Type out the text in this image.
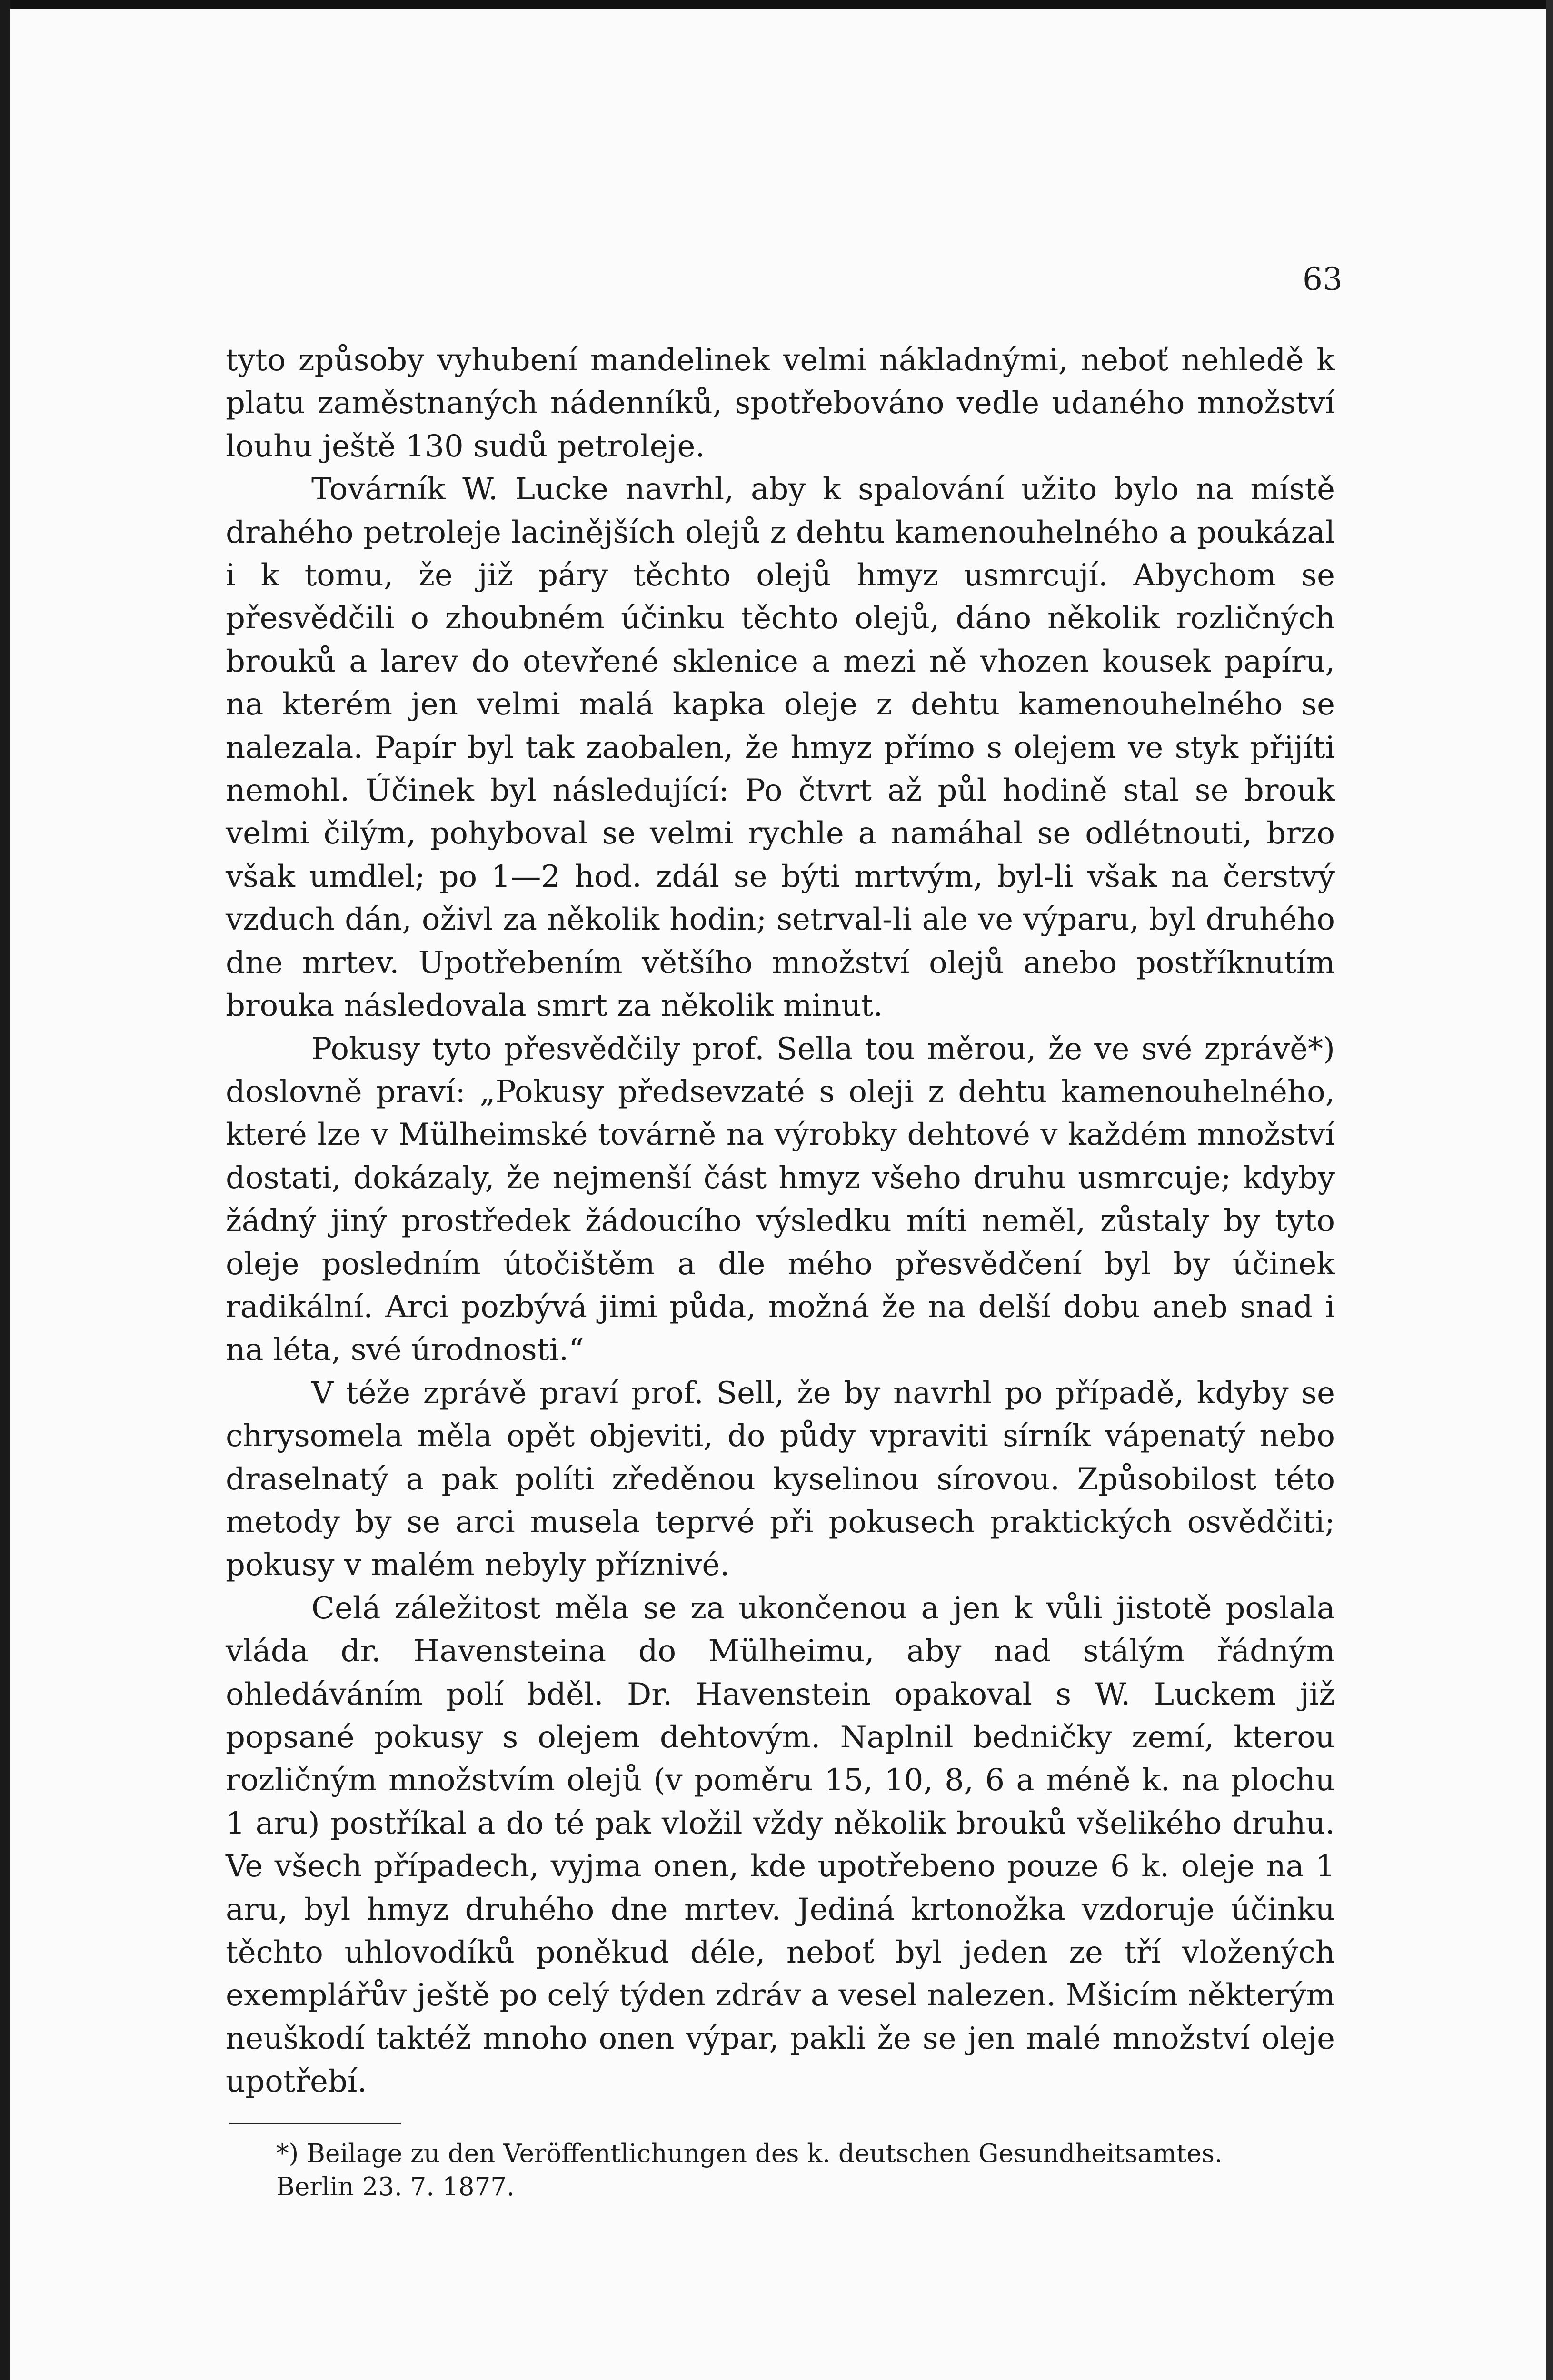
63

tyto způsoby vyhubení mandelinek velmi nákladnými, neboť nehledě k platu zaměstnaných nádenníků, spotřebováno vedle udaného množství louhu ještě 130 sudů petroleje.

Továrník W. Lucke navrhl, aby k spalování užito bylo na místě drahého petroleje lacinějších olejů z dehtu kamenouhelného a poukázal i k tomu, že již páry těchto olejů hmyz usmrcují. Abychom se přesvědčili o zhoubném účinku těchto olejů, dáno několik rozličných brouků a larev do otevřené sklenice a mezi ně vhozen kousek papíru, na kterém jen velmi malá kapka oleje z dehtu kamenouhelného se nalezala. Papír byl tak zaobalen, že hmyz přímo s olejem ve styk přijíti nemohl. Účinek byl následující: Po čtvrt až půl hodině stal se brouk velmi čilým, pohyboval se velmi rychle a namáhal se odlétnouti, brzo však umdlel; po 1—2 hod. zdál se býti mrtvým, byl-li však na čerstvý vzduch dán, oživl za několik hodin; setrval-li ale ve výparu, byl druhého dne mrtev. Upotřebením většího množství olejů anebo postříknutím brouka následovala smrt za několik minut.

Pokusy tyto přesvědčily prof. Sella tou měrou, že ve své zprávě*) doslovně praví: „Pokusy předsevzaté s oleji z dehtu kamenouhelného, které lze v Mülheimské továrně na výrobky dehtové v každém množství dostati, dokázaly, že nejmenší část hmyz všeho druhu usmrcuje; kdyby žádný jiný prostředek žádoucího výsledku míti neměl, zůstaly by tyto oleje posledním útočištěm a dle mého přesvědčení byl by účinek radikální. Arci pozbývá jimi půda, možná že na delší dobu aneb snad i na léta, své úrodnosti.“

V téže zprávě praví prof. Sell, že by navrhl po případě, kdyby se chrysomela měla opět objeviti, do půdy vpraviti sírník vápenatý nebo draselnatý a pak políti zředěnou kyselinou sírovou. Způsobilost této metody by se arci musela teprvé při pokusech praktických osvědčiti; pokusy v malém nebyly příznivé.

Celá záležitost měla se za ukončenou a jen k vůli jistotě poslala vláda dr. Havensteina do Mülheimu, aby nad stálým řádným ohledáváním polí bděl. Dr. Havenstein opakoval s W. Luckem již popsané pokusy s olejem dehtovým. Naplnil bedničky zemí, kterou rozličným množstvím olejů (v poměru 15, 10, 8, 6 a méně k. na plochu 1 aru) postříkal a do té pak vložil vždy několik brouků všelikého druhu. Ve všech případech, vyjma onen, kde upotřebeno pouze 6 k. oleje na 1 aru, byl hmyz druhého dne mrtev. Jediná krtonožka vzdoruje účinku těchto uhlovodíků poněkud déle, neboť byl jeden ze tří vložených exemplářův ještě po celý týden zdráv a vesel nalezen. Mšicím některým neuškodí taktéž mnoho onen výpar, pakli že se jen malé množství oleje upotřebí.

*) Beilage zu den Veröffentlichungen des k. deutschen Gesundheitsamtes.

Berlin 23. 7. 1877.
